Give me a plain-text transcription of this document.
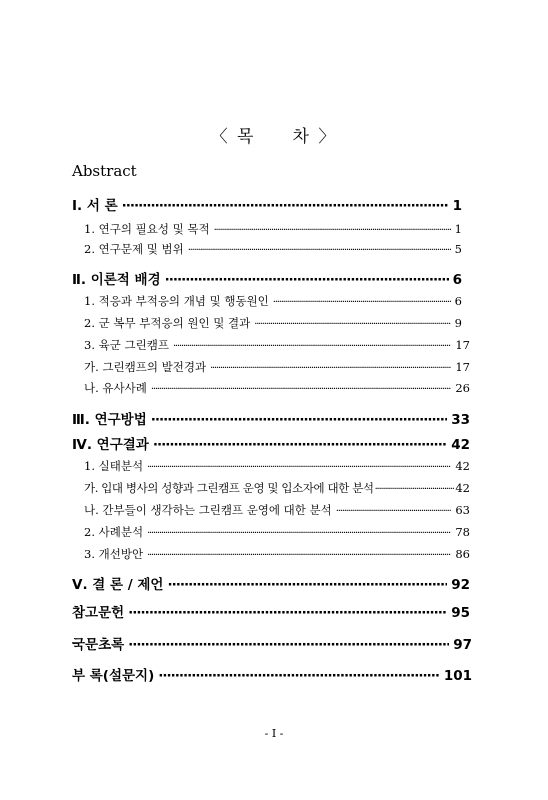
〈 목     차 〉
Abstract
Ⅰ. 서 론 ·····	1
1. 연구의 필요성 및 목적 ·····	1
2. 연구문제 및 범위 ·····	5
Ⅱ. 이론적 배경 ·····	6
1. 적응과 부적응의 개념 및 행동원인 ·····	6
2. 군 복무 부적응의 원인 및 결과 ·····	9
3. 육군 그린캠프 ·····	17
가. 그린캠프의 발전경과 ·····	17
나. 유사사례 ·····	26
Ⅲ. 연구방법 ·····	33
Ⅳ. 연구결과 ·····	42
1. 실태분석 ·····	42
가. 입대 병사의 성향과 그린캠프 운영 및 입소자에 대한 분석 ·····	42
나. 간부들이 생각하는 그린캠프 운영에 대한 분석 ·····	63
2. 사례분석 ·····	78
3. 개선방안 ·····	86
Ⅴ. 결 론 / 제언 ·····	92
참고문헌 ·····	95
국문초록 ·····	97
부 록(설문지) ·····	101
- I -
